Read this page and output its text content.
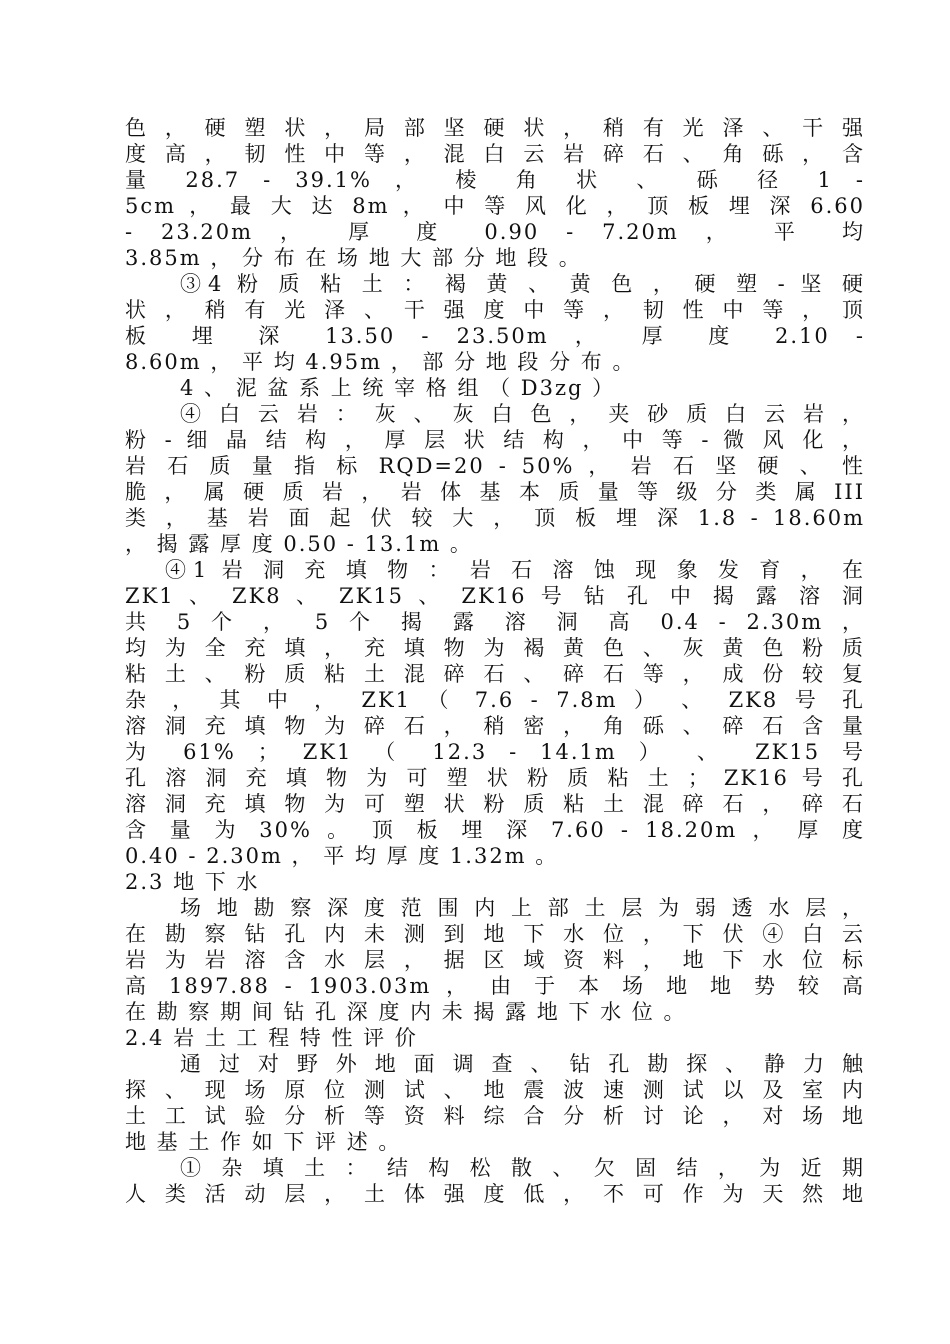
色 ， 硬 塑 状 ， 局 部 坚 硬 状 ， 稍 有 光 泽 、 干 强
度 高 ， 韧 性 中 等 ， 混 白 云 岩 碎 石 、 角 砾 ， 含
量 28.7 - 39.1% ， 棱 角 状 、 砾 径 1 -
5cm ， 最 大 达 8m ， 中 等 风 化 ， 顶 板 埋 深 6.60
- 23.20m ， 厚 度 0.90 - 7.20m ， 平 均
3.85m ， 分 布 在 场 地 大 部 分 地 段 。
③4 粉 质 粘 土 ： 褐 黄 、 黄 色 ， 硬 塑 - 坚 硬
状 ， 稍 有 光 泽 、 干 强 度 中 等 ， 韧 性 中 等 ， 顶
板 埋 深 13.50 - 23.50m ， 厚 度 2.10 -
8.60m ， 平 均 4.95m ， 部 分 地 段 分 布 。
4 、 泥 盆 系 上 统 宰 格 组 （ D3zg ）
④ 白 云 岩 ： 灰 、 灰 白 色 ， 夹 砂 质 白 云 岩 ，
粉 - 细 晶 结 构 ， 厚 层 状 结 构 ， 中 等 - 微 风 化 ，
岩 石 质 量 指 标 RQD=20 - 50% ， 岩 石 坚 硬 、 性
脆 ， 属 硬 质 岩 ， 岩 体 基 本 质 量 等 级 分 类 属 III
类 ， 基 岩 面 起 伏 较 大 ， 顶 板 埋 深 1.8 - 18.60m
， 揭 露 厚 度 0.50 - 13.1m 。
④1 岩 洞 充 填 物 ： 岩 石 溶 蚀 现 象 发 育 ， 在
ZK1 、 ZK8 、 ZK15 、 ZK16 号 钻 孔 中 揭 露 溶 洞
共 5 个 ， 5 个 揭 露 溶 洞 高 0.4 - 2.30m ，
均 为 全 充 填 ， 充 填 物 为 褐 黄 色 、 灰 黄 色 粉 质
粘 土 、 粉 质 粘 土 混 碎 石 、 碎 石 等 ， 成 份 较 复
杂 ， 其 中 ， ZK1 （ 7.6 - 7.8m ） 、 ZK8 号 孔
溶 洞 充 填 物 为 碎 石 ， 稍 密 ， 角 砾 、 碎 石 含 量
为 61% ； ZK1 （ 12.3 - 14.1m ） 、 ZK15 号
孔 溶 洞 充 填 物 为 可 塑 状 粉 质 粘 土 ； ZK16 号 孔
溶 洞 充 填 物 为 可 塑 状 粉 质 粘 土 混 碎 石 ， 碎 石
含 量 为 30% 。 顶 板 埋 深 7.60 - 18.20m ， 厚 度
0.40 - 2.30m ， 平 均 厚 度 1.32m 。
2.3 地 下 水
场 地 勘 察 深 度 范 围 内 上 部 土 层 为 弱 透 水 层 ，
在 勘 察 钻 孔 内 未 测 到 地 下 水 位 ， 下 伏 ④ 白 云
岩 为 岩 溶 含 水 层 ， 据 区 域 资 料 ， 地 下 水 位 标
高 1897.88 - 1903.03m ， 由 于 本 场 地 地 势 较 高
在 勘 察 期 间 钻 孔 深 度 内 未 揭 露 地 下 水 位 。
2.4 岩 土 工 程 特 性 评 价
通 过 对 野 外 地 面 调 查 、 钻 孔 勘 探 、 静 力 触
探 、 现 场 原 位 测 试 、 地 震 波 速 测 试 以 及 室 内
土 工 试 验 分 析 等 资 料 综 合 分 析 讨 论 ， 对 场 地
地 基 土 作 如 下 评 述 。
① 杂 填 土 ： 结 构 松 散 、 欠 固 结 ， 为 近 期
人 类 活 动 层 ， 土 体 强 度 低 ， 不 可 作 为 天 然 地
